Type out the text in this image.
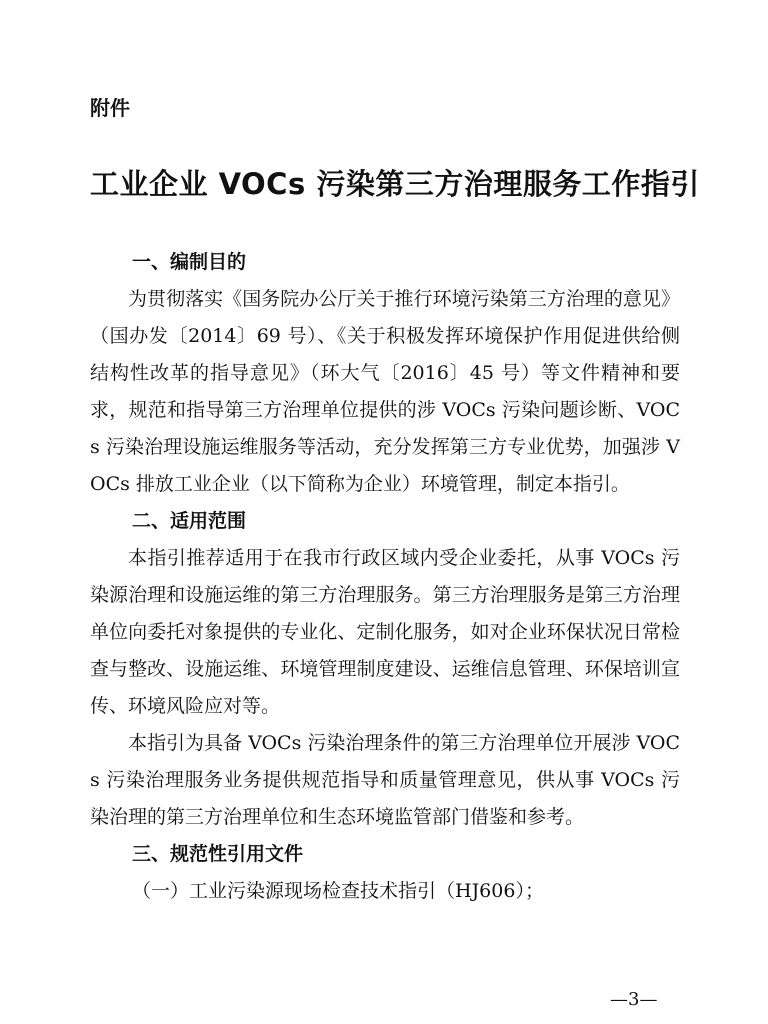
附件
工业企业 VOCs 污染第三方治理服务工作指引

一、编制目的

为贯彻落实《国务院办公厅关于推行环境污染第三方治理的意见》（国办发〔2014〕69 号）、《关于积极发挥环境保护作用促进供给侧结构性改革的指导意见》（环大气〔2016〕45 号）等文件精神和要求，规范和指导第三方治理单位提供的涉 VOCs 污染问题诊断、VOCs 污染治理设施运维服务等活动，充分发挥第三方专业优势，加强涉 VOCs 排放工业企业（以下简称为企业）环境管理，制定本指引。

二、适用范围

本指引推荐适用于在我市行政区域内受企业委托，从事 VOCs 污染源治理和设施运维的第三方治理服务。第三方治理服务是第三方治理单位向委托对象提供的专业化、定制化服务，如对企业环保状况日常检查与整改、设施运维、环境管理制度建设、运维信息管理、环保培训宣传、环境风险应对等。

本指引为具备 VOCs 污染治理条件的第三方治理单位开展涉 VOCs 污染治理服务业务提供规范指导和质量管理意见，供从事 VOCs 污染治理的第三方治理单位和生态环境监管部门借鉴和参考。

三、规范性引用文件

（一）工业污染源现场检查技术指引（HJ606）；

—3—
